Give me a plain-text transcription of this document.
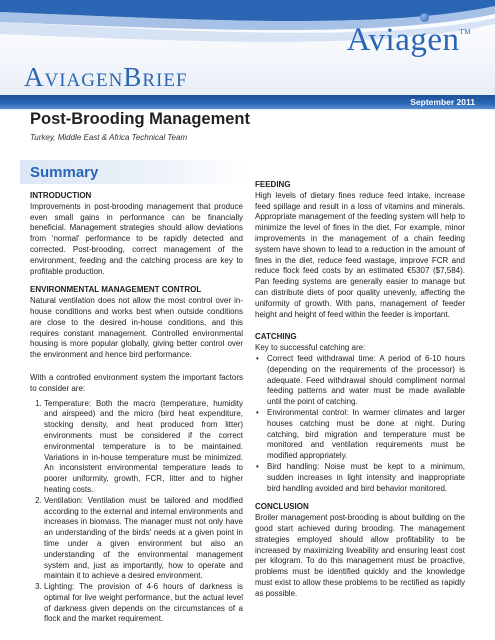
Aviagen™
AviagenBrief
September 2011
Post-Brooding Management
Turkey, Middle East & Africa Technical Team
Summary
INTRODUCTION

Improvements in post-brooding management that produce even small gains in performance can be financially beneficial. Management strategies should allow deviations from 'normal' performance to be rapidly detected and corrected. Post-brooding, correct management of the environment, feeding and the catching process are key to profitable production.

ENVIRONMENTAL MANAGEMENT CONTROL

Natural ventilation does not allow the most control over in-house conditions and works best when outside conditions are close to the desired in-house conditions, and this requires constant management. Controlled environmental housing is more popular globally, giving better control over the environment and hence bird performance.

With a controlled environment system the important factors to consider are:

1. Temperature: Both the macro (temperature, humidity and airspeed) and the micro (bird heat expenditure, stocking density, and heat produced from litter) environments must be considered if the correct environmental temperature is to be maintained. Variations in in-house temperature must be minimized. An inconsistent environmental temperature leads to poorer uniformity, growth, FCR, litter and to higher heating costs.
2. Ventilation: Ventilation must be tailored and modified according to the external and internal environments and increases in biomass. The manager must not only have an understanding of the birds' needs at a given point in time under a given environment but also an understanding of the environmental management system and, just as importantly, how to operate and maintain it to achieve a desired environment.
3. Lighting: The provision of 4-6 hours of darkness is optimal for live weight performance, but the actual level of darkness given depends on the circumstances of a flock and the market requirement.
FEEDING

High levels of dietary fines reduce feed intake, increase feed spillage and result in a loss of vitamins and minerals. Appropriate management of the feeding system will help to minimize the level of fines in the diet. For example, minor improvements in the management of a chain feeding system have shown to lead to a reduction in the amount of fines in the diet, reduce feed wastage, improve FCR and reduce flock feed costs by an estimated €5307 ($7,584). Pan feeding systems are generally easier to manage but can distribute diets of poor quality unevenly, affecting the uniformity of growth. With pans, management of feeder height and height of feed within the feeder is important.

CATCHING

Key to successful catching are:

• Correct feed withdrawal time: A period of 6-10 hours (depending on the requirements of the processor) is adequate. Feed withdrawal should compliment normal feeding patterns and water must be made available until the point of catching.
• Environmental control: In warmer climates and larger houses catching must be done at night. During catching, bird migration and temperature must be monitored and ventilation requirements must be modified appropriately.
• Bird handling: Noise must be kept to a minimum, sudden increases in light intensity and inappropriate bird handling avoided and bird behavior monitored.
CONCLUSION

Broiler management post-brooding is about building on the good start achieved during brooding. The management strategies employed should allow profitability to be increased by maximizing liveability and ensuring least cost per kilogram. To do this management must be proactive, problems must be identified quickly and the knowledge must exist to allow these problems to be rectified as rapidly as possible.
